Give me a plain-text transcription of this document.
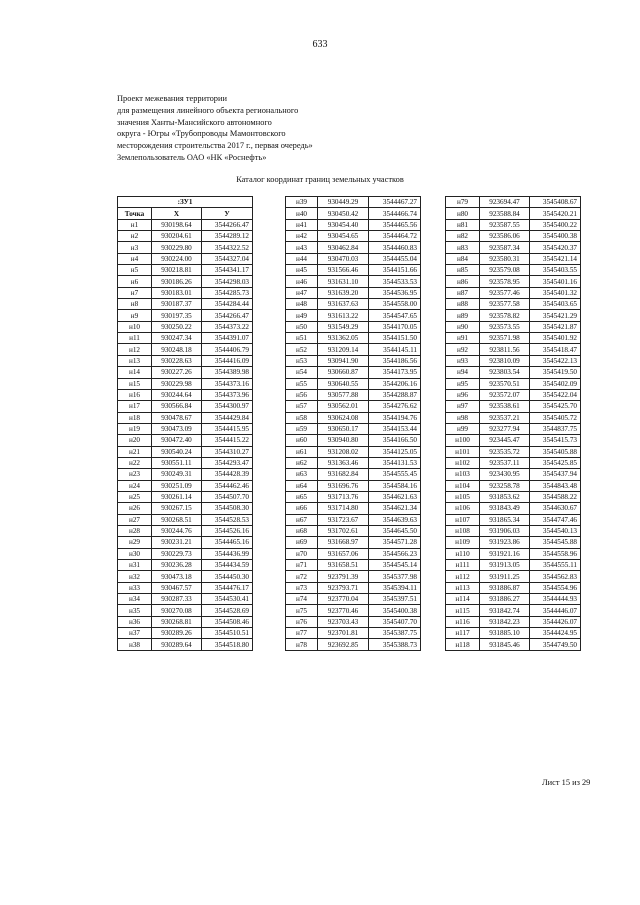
633
Проект межевания территории
для размещения линейного объекта регионального
значения Ханты-Мансийского автономного
округа - Югры «Трубопроводы Мамонтовского
месторождения строительства 2017 г., первая очередь»
Землепользователь ОАО «НК «Роснефть»
Каталог координат границ земельных участков
:ЗУ1		
Точка	X	У
н1	930198.64	3544266.47
н2	930204.61	3544289.12
н3	930229.80	3544322.52
н4	930224.00	3544327.04
н5	930218.81	3544341.17
н6	930186.26	3544298.03
н7	930183.01	3544285.73
н8	930187.37	3544284.44
н9	930197.35	3544266.47
н10	930250.22	3544373.22
н11	930247.34	3544391.07
н12	930248.18	3544406.79
н13	930228.63	3544416.09
н14	930227.26	3544389.98
н15	930229.98	3544373.16
н16	930244.64	3544373.96
н17	930566.84	3544300.97
н18	930478.67	3544429.84
н19	930473.09	3544415.95
н20	930472.40	3544415.22
н21	930540.24	3544310.27
н22	930551.11	3544293.47
н23	930249.31	3544428.39
н24	930251.09	3544462.46
н25	930261.14	3544507.70
н26	930267.15	3544508.30
н27	930268.51	3544528.53
н28	930244.76	3544526.16
н29	930231.21	3544465.16
н30	930229.73	3544436.99
н31	930236.28	3544434.59
н32	930473.18	3544450.30
н33	930467.57	3544476.17
н34	930287.33	3544530.41
н35	930270.08	3544528.69
н36	930268.81	3544508.46
н37	930289.26	3544510.51
н38	930289.64	3544518.80
н39	930449.29	3544467.27
н40	930450.42	3544466.74
н41	930454.40	3544465.56
н42	930454.65	3544464.72
н43	930462.84	3544460.83
н44	930470.03	3544455.04
н45	931566.46	3544151.66
н46	931631.10	3544533.53
н47	931639.20	3544536.95
н48	931637.63	3544558.00
н49	931613.22	3544547.65
н50	931549.29	3544170.05
н51	931362.05	3544151.50
н52	931209.14	3544145.11
н53	930941.90	3544186.56
н54	930660.87	3544173.95
н55	930640.55	3544206.16
н56	930577.88	3544288.87
н57	930562.01	3544276.62
н58	930624.08	3544194.76
н59	930650.17	3544153.44
н60	930940.80	3544166.50
н61	931208.02	3544125.05
н62	931363.46	3544131.53
н63	931682.84	3544555.45
н64	931696.76	3544584.16
н65	931713.76	3544621.63
н66	931714.80	3544621.34
н67	931723.67	3544639.63
н68	931702.61	3544645.50
н69	931668.97	3544571.28
н70	931657.06	3544566.23
н71	931658.51	3544545.14
н72	923791.39	3545377.98
н73	923793.71	3545394.11
н74	923770.04	3545397.51
н75	923770.46	3545400.38
н76	923703.43	3545407.70
н77	923701.81	3545387.75
н78	923692.85	3545388.73
н79	923694.47	3545408.67
н80	923588.84	3545420.21
н81	923587.55	3545400.22
н82	923586.06	3545400.38
н83	923587.34	3545420.37
н84	923580.31	3545421.14
н85	923579.08	3545403.55
н86	923578.95	3545401.16
н87	923577.46	3545401.32
н88	923577.58	3545403.65
н89	923578.82	3545421.29
н90	923573.55	3545421.87
н91	923571.98	3545401.92
н92	923811.56	3545418.47
н93	923810.09	3545422.13
н94	923803.54	3545419.50
н95	923570.51	3545402.09
н96	923572.07	3545422.04
н97	923538.61	3545425.70
н98	923537.21	3545405.72
н99	923277.94	3544837.75
н100	923445.47	3545415.73
н101	923535.72	3545405.88
н102	923537.11	3545425.85
н103	923430.95	3545437.94
н104	923258.78	3544843.48
н105	931853.62	3544588.22
н106	931843.49	3544630.67
н107	931865.34	3544747.46
н108	931906.03	3544540.13
н109	931923.86	3544545.88
н110	931921.16	3544558.96
н111	931913.05	3544555.11
н112	931911.25	3544562.83
н113	931886.87	3544554.96
н114	931886.27	3544444.93
н115	931842.74	3544446.07
н116	931842.23	3544426.07
н117	931885.10	3544424.95
н118	931845.46	3544749.50
Лист 15 из 29
